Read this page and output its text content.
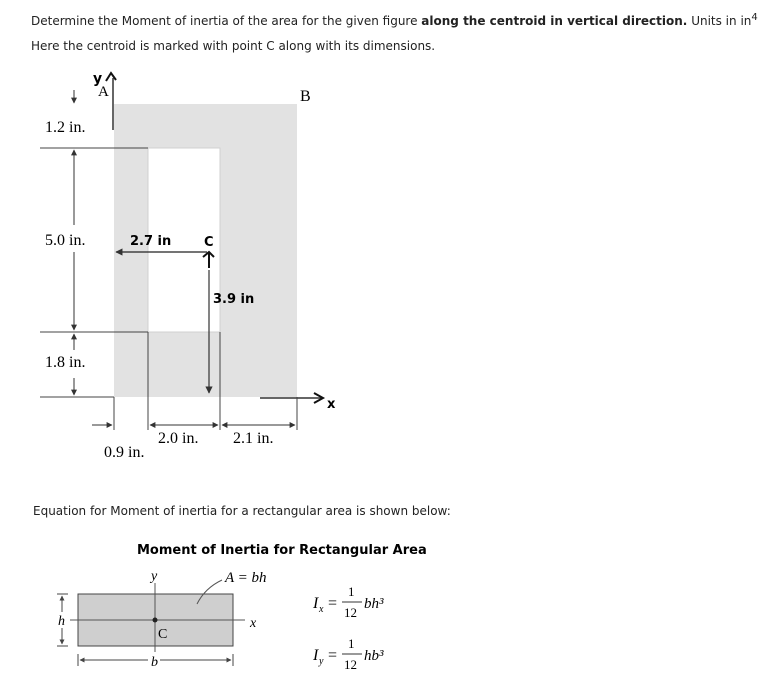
Determine the Moment of inertia of the area for the given figure along the centroid in vertical direction. Units in $in^4$
Here the centroid is marked with point C along with its dimensions.
y
A	B
1.2 in.
5.0 in.
1.8 in.
2.7 in	C
3.9 in
x
2.0 in. 2.1 in.
0.9 in.
Equation for Moment of inertia for a rectangular area is shown below:
Moment of Inertia for Rectangular Area
y
x
C
A = bh
h
b
I x =
1
12
bh³
I y =
1
12
hb³
